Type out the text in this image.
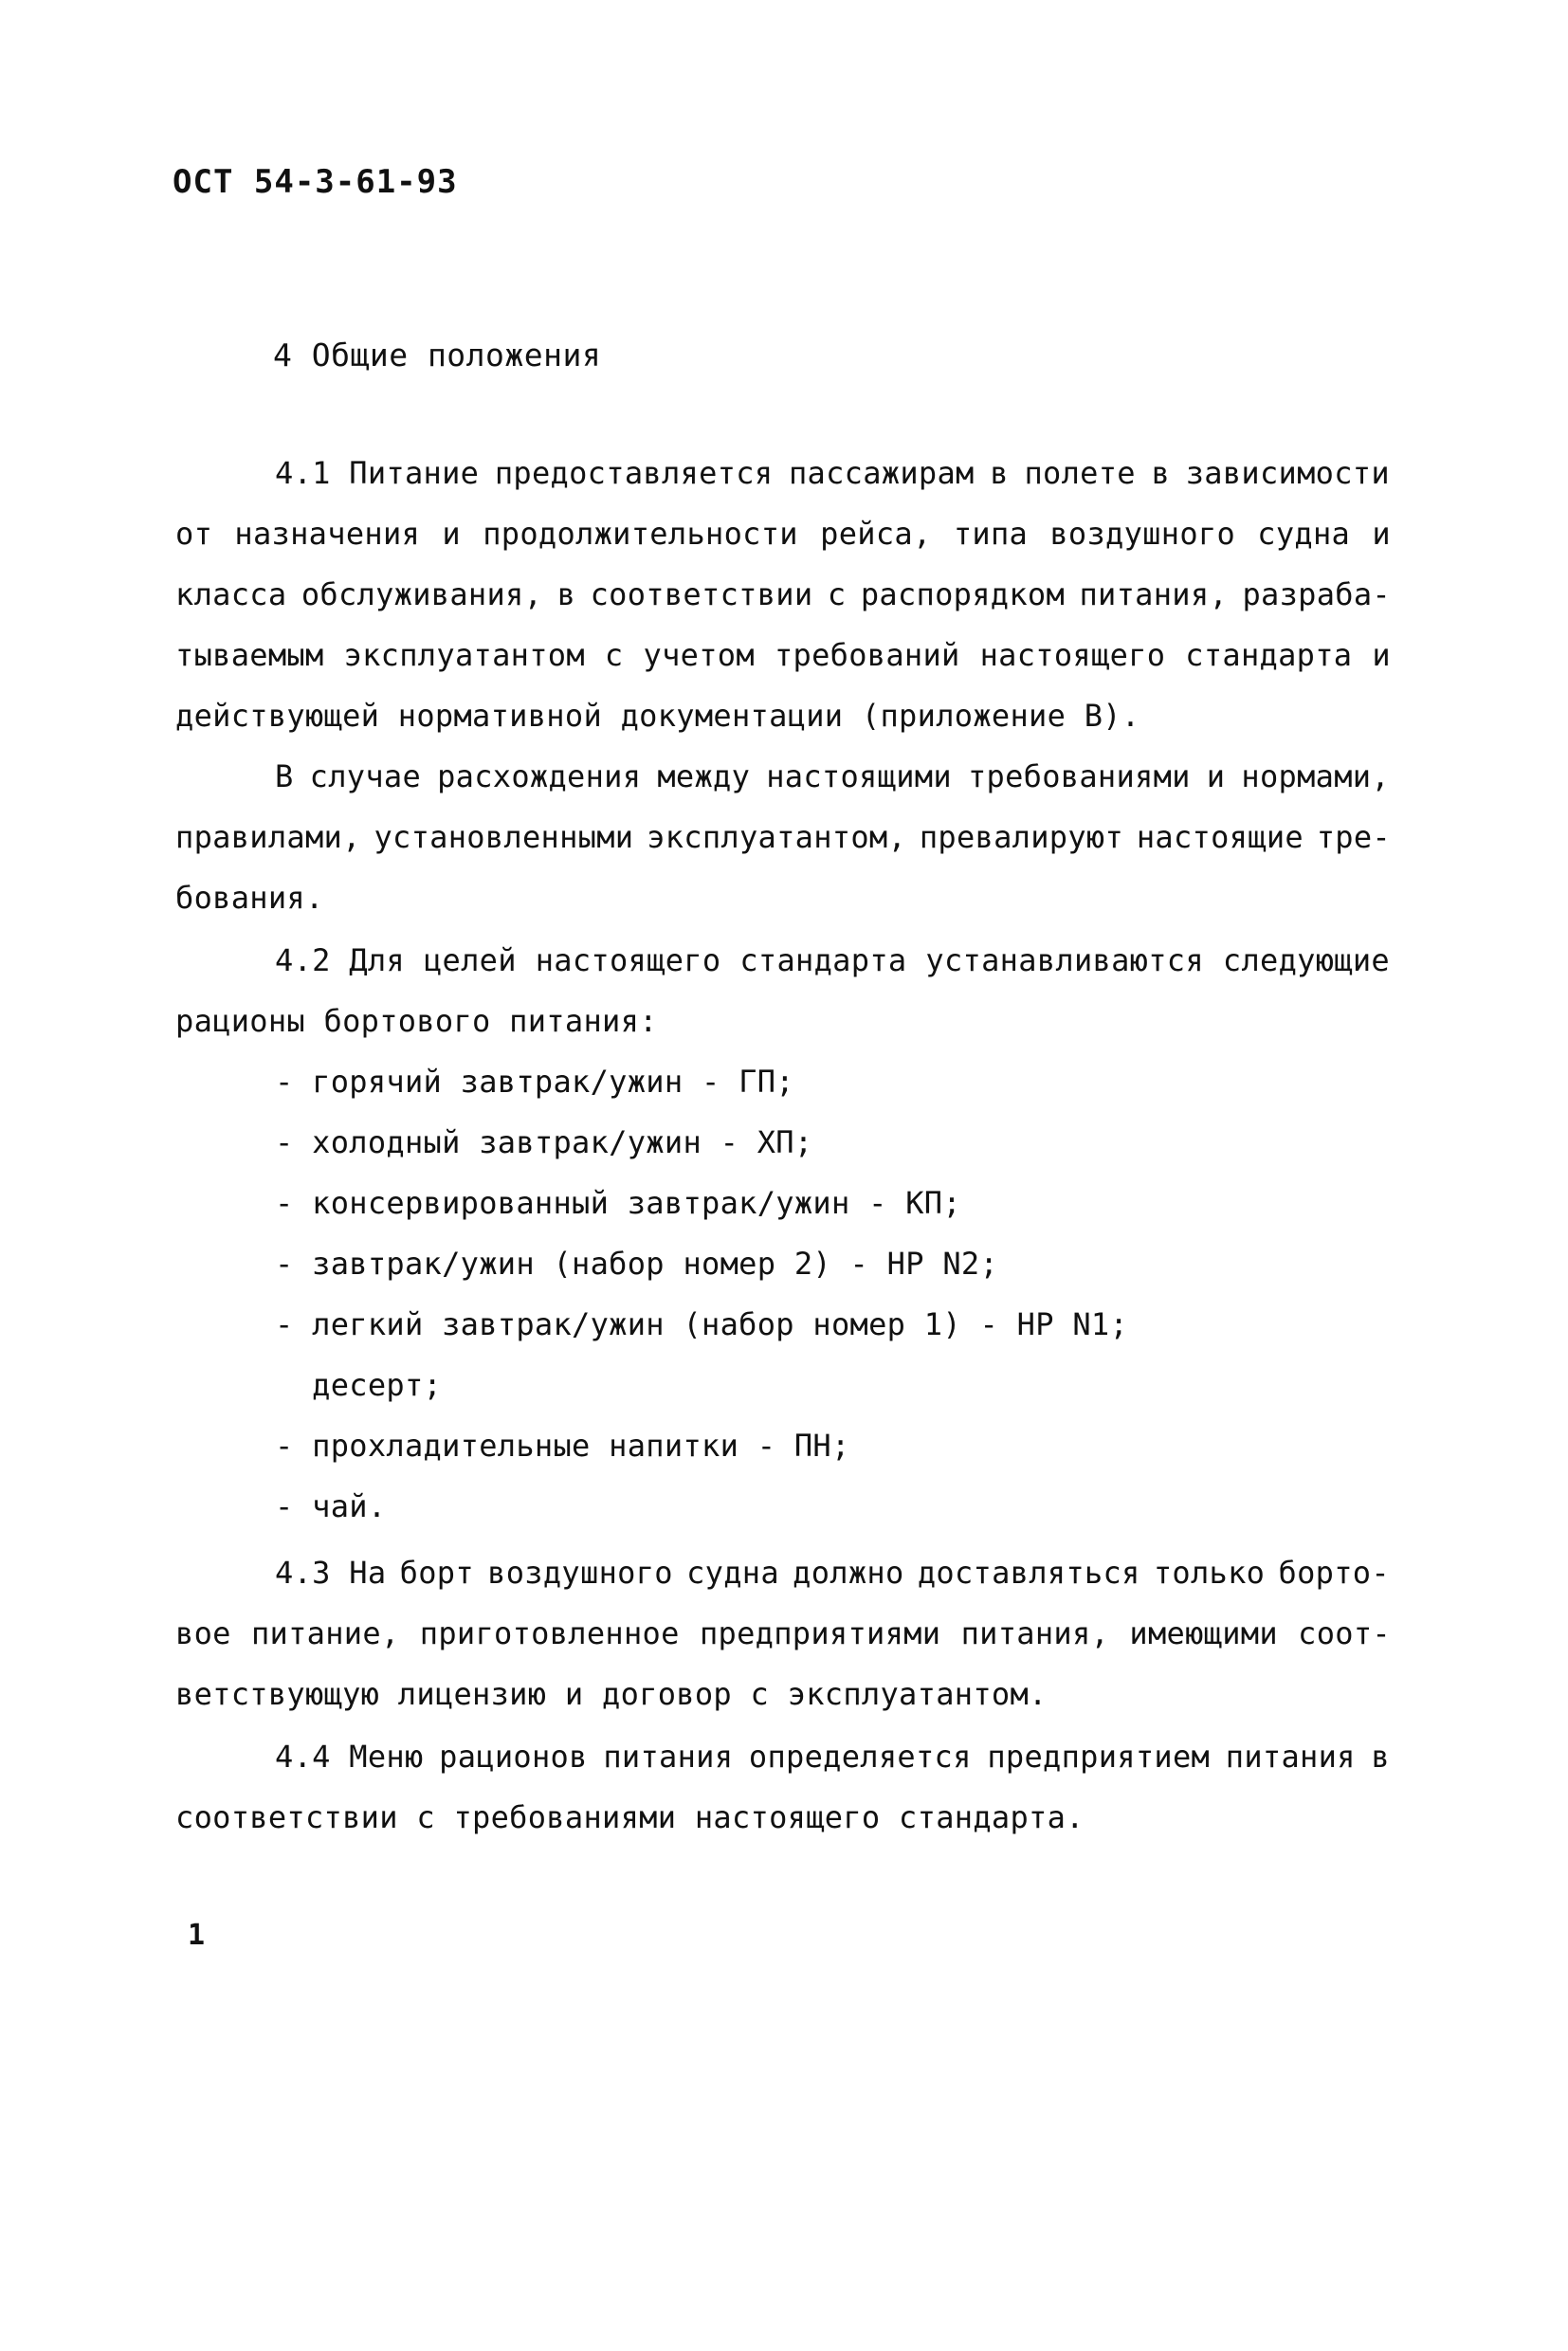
ОСТ 54-3-61-93
4 Общие положения
4.1 Питание предоставляется пассажирам в полете в зависимости
от назначения и продолжительности рейса, типа воздушного судна и
класса обслуживания, в соответствии с распорядком питания, разраба-
тываемым эксплуатантом с учетом требований настоящего стандарта и
действующей нормативной документации (приложение В).
В случае расхождения между настоящими требованиями и нормами,
правилами, установленными эксплуатантом, превалируют настоящие тре-
бования.
4.2 Для целей настоящего стандарта устанавливаются следующие
рационы бортового питания:
- горячий завтрак/ужин - ГП;
- холодный завтрак/ужин - ХП;
- консервированный завтрак/ужин - КП;
- завтрак/ужин (набор номер 2) - НР N2;
- легкий завтрак/ужин (набор номер 1) - НР N1;
десерт;
- прохладительные напитки - ПН;
- чай.
4.3 На борт воздушного судна должно доставляться только борто-
вое питание, приготовленное предприятиями питания, имеющими соот-
ветствующую лицензию и договор с эксплуатантом.
4.4 Меню рационов питания определяется предприятием питания в
соответствии с требованиями настоящего стандарта.
1
